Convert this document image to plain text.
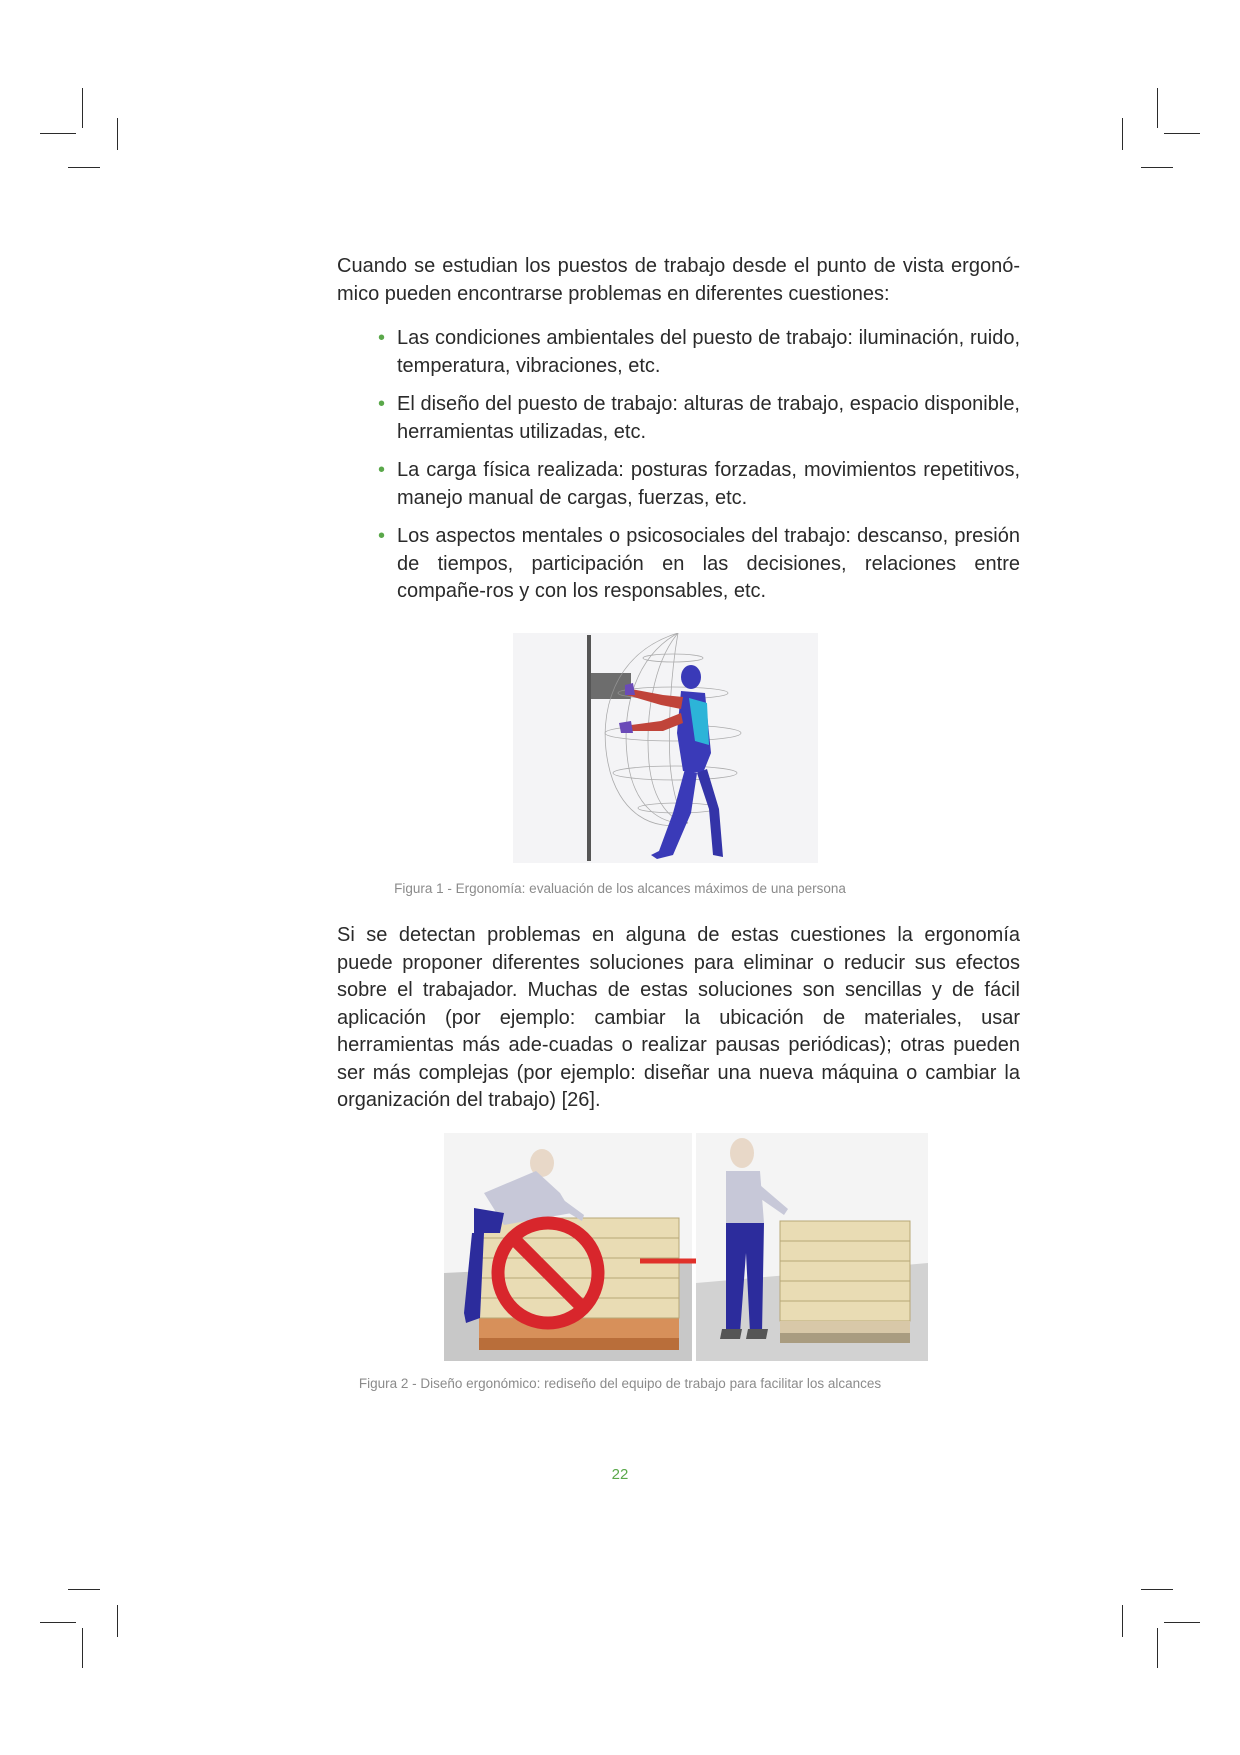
Cuando se estudian los puestos de trabajo desde el punto de vista ergonó-mico pueden encontrarse problemas en diferentes cuestiones:

• Las condiciones ambientales del puesto de trabajo: iluminación, ruido, temperatura, vibraciones, etc.
• El diseño del puesto de trabajo: alturas de trabajo, espacio disponible, herramientas utilizadas, etc.
• La carga física realizada: posturas forzadas, movimientos repetitivos, manejo manual de cargas, fuerzas, etc.
• Los aspectos mentales o psicosociales del trabajo: descanso, presión de tiempos, participación en las decisiones, relaciones entre compañe-ros y con los responsables, etc.
Figura 1 - Ergonomía: evaluación de los alcances máximos de una persona

Si se detectan problemas en alguna de estas cuestiones la ergonomía puede proponer diferentes soluciones para eliminar o reducir sus efectos sobre el trabajador. Muchas de estas soluciones son sencillas y de fácil aplicación (por ejemplo: cambiar la ubicación de materiales, usar herramientas más ade-cuadas o realizar pausas periódicas); otras pueden ser más complejas (por ejemplo: diseñar una nueva máquina o cambiar la organización del trabajo) [26].

Figura 2 - Diseño ergonómico: rediseño del equipo de trabajo para facilitar los alcances
22
